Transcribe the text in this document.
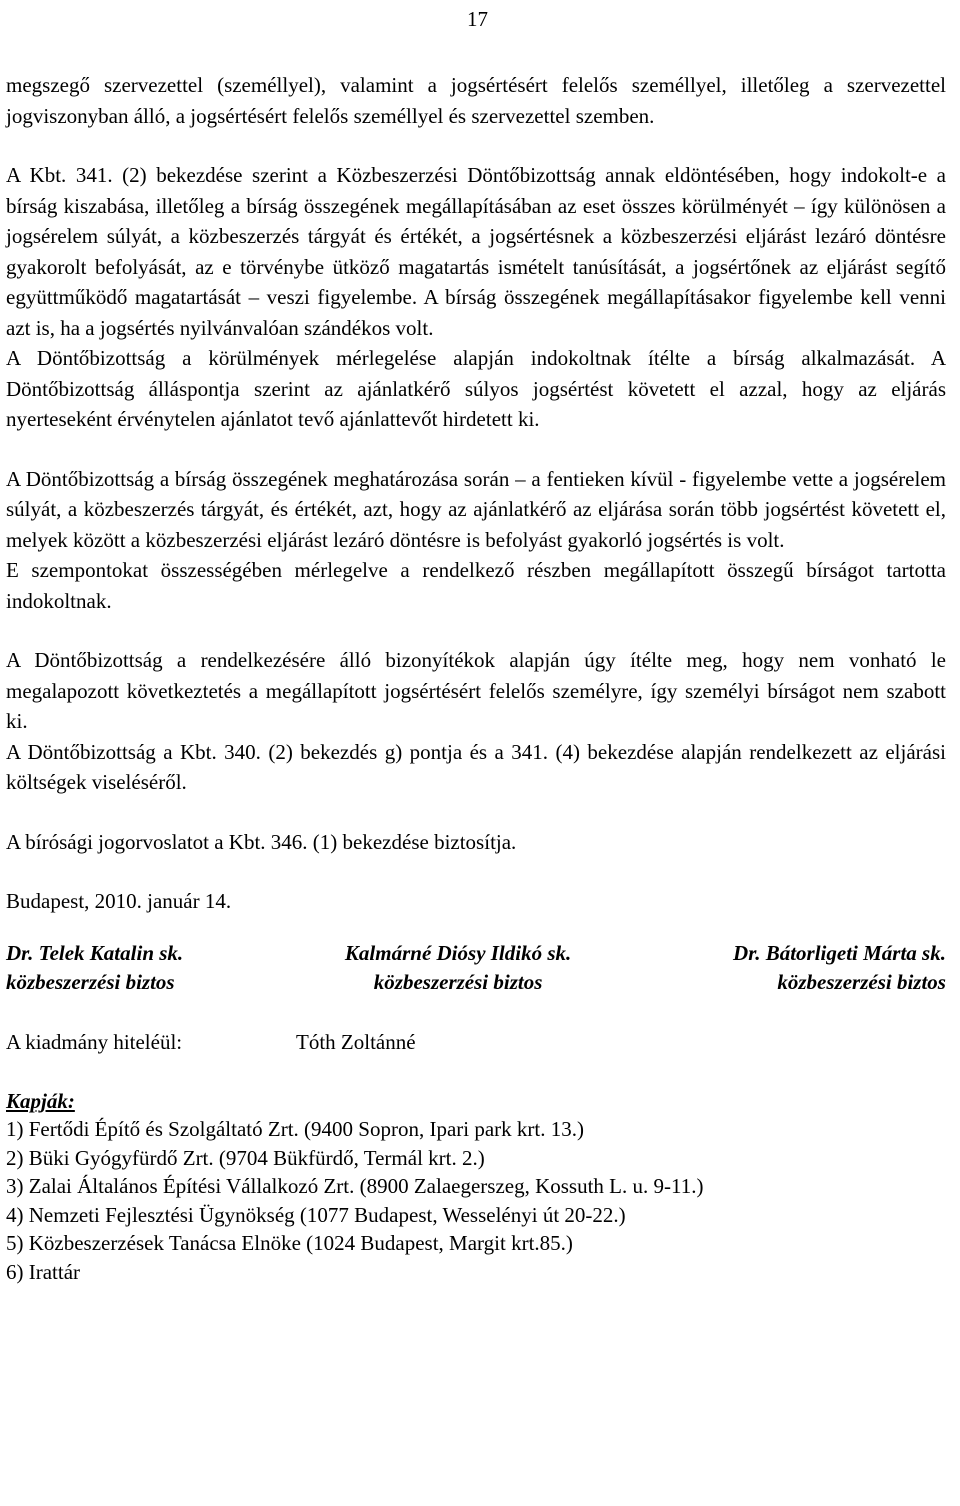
17

megszegő szervezettel (személlyel), valamint a jogsértésért felelős személlyel, illetőleg a szervezettel jogviszonyban álló, a jogsértésért felelős személlyel és szervezettel szemben.

A Kbt. 341. (2) bekezdése szerint a Közbeszerzési Döntőbizottság annak eldöntésében, hogy indokolt-e a bírság kiszabása, illetőleg a bírság összegének megállapításában az eset összes körülményét – így különösen a jogsérelem súlyát, a közbeszerzés tárgyát és értékét, a jogsértésnek a közbeszerzési eljárást lezáró döntésre gyakorolt befolyását, az e törvénybe ütköző magatartás ismételt tanúsítását, a jogsértőnek az eljárást segítő együttműködő magatartását – veszi figyelembe. A bírság összegének megállapításakor figyelembe kell venni azt is, ha a jogsértés nyilvánvalóan szándékos volt.

A Döntőbizottság a körülmények mérlegelése alapján indokoltnak ítélte a bírság alkalmazását. A Döntőbizottság álláspontja szerint az ajánlatkérő súlyos jogsértést követett el azzal, hogy az eljárás nyerteseként érvénytelen ajánlatot tevő ajánlattevőt hirdetett ki.

A Döntőbizottság a bírság összegének meghatározása során – a fentieken kívül - figyelembe vette a jogsérelem súlyát, a közbeszerzés tárgyát, és értékét, azt, hogy az ajánlatkérő az eljárása során több jogsértést követett el, melyek között a közbeszerzési eljárást lezáró döntésre is befolyást gyakorló jogsértés is volt.

E szempontokat összességében mérlegelve a rendelkező részben megállapított összegű bírságot tartotta indokoltnak.

A Döntőbizottság a rendelkezésére álló bizonyítékok alapján úgy ítélte meg, hogy nem vonható le megalapozott következtetés a megállapított jogsértésért felelős személyre, így személyi bírságot nem szabott ki.

A Döntőbizottság a Kbt. 340. (2) bekezdés g) pontja és a 341. (4) bekezdése alapján rendelkezett az eljárási költségek viseléséről.

A bírósági jogorvoslatot a Kbt. 346. (1) bekezdése biztosítja.

Budapest, 2010. január 14.

Dr. Telek Katalin sk.
közbeszerzési biztos
Kalmárné Diósy Ildikó sk.
közbeszerzési biztos
Dr. Bátorligeti Márta sk.
közbeszerzési biztos
A kiadmány hiteléül:	Tóth Zoltánné
Kapják:
1) Fertődi Építő és Szolgáltató Zrt. (9400 Sopron, Ipari park krt. 13.)
2) Büki Gyógyfürdő Zrt. (9704 Bükfürdő, Termál krt. 2.)
3) Zalai Általános Építési Vállalkozó Zrt. (8900 Zalaegerszeg, Kossuth L. u. 9-11.)
4) Nemzeti Fejlesztési Ügynökség (1077 Budapest, Wesselényi út 20-22.)
5) Közbeszerzések Tanácsa Elnöke (1024 Budapest, Margit krt.85.)
6) Irattár
